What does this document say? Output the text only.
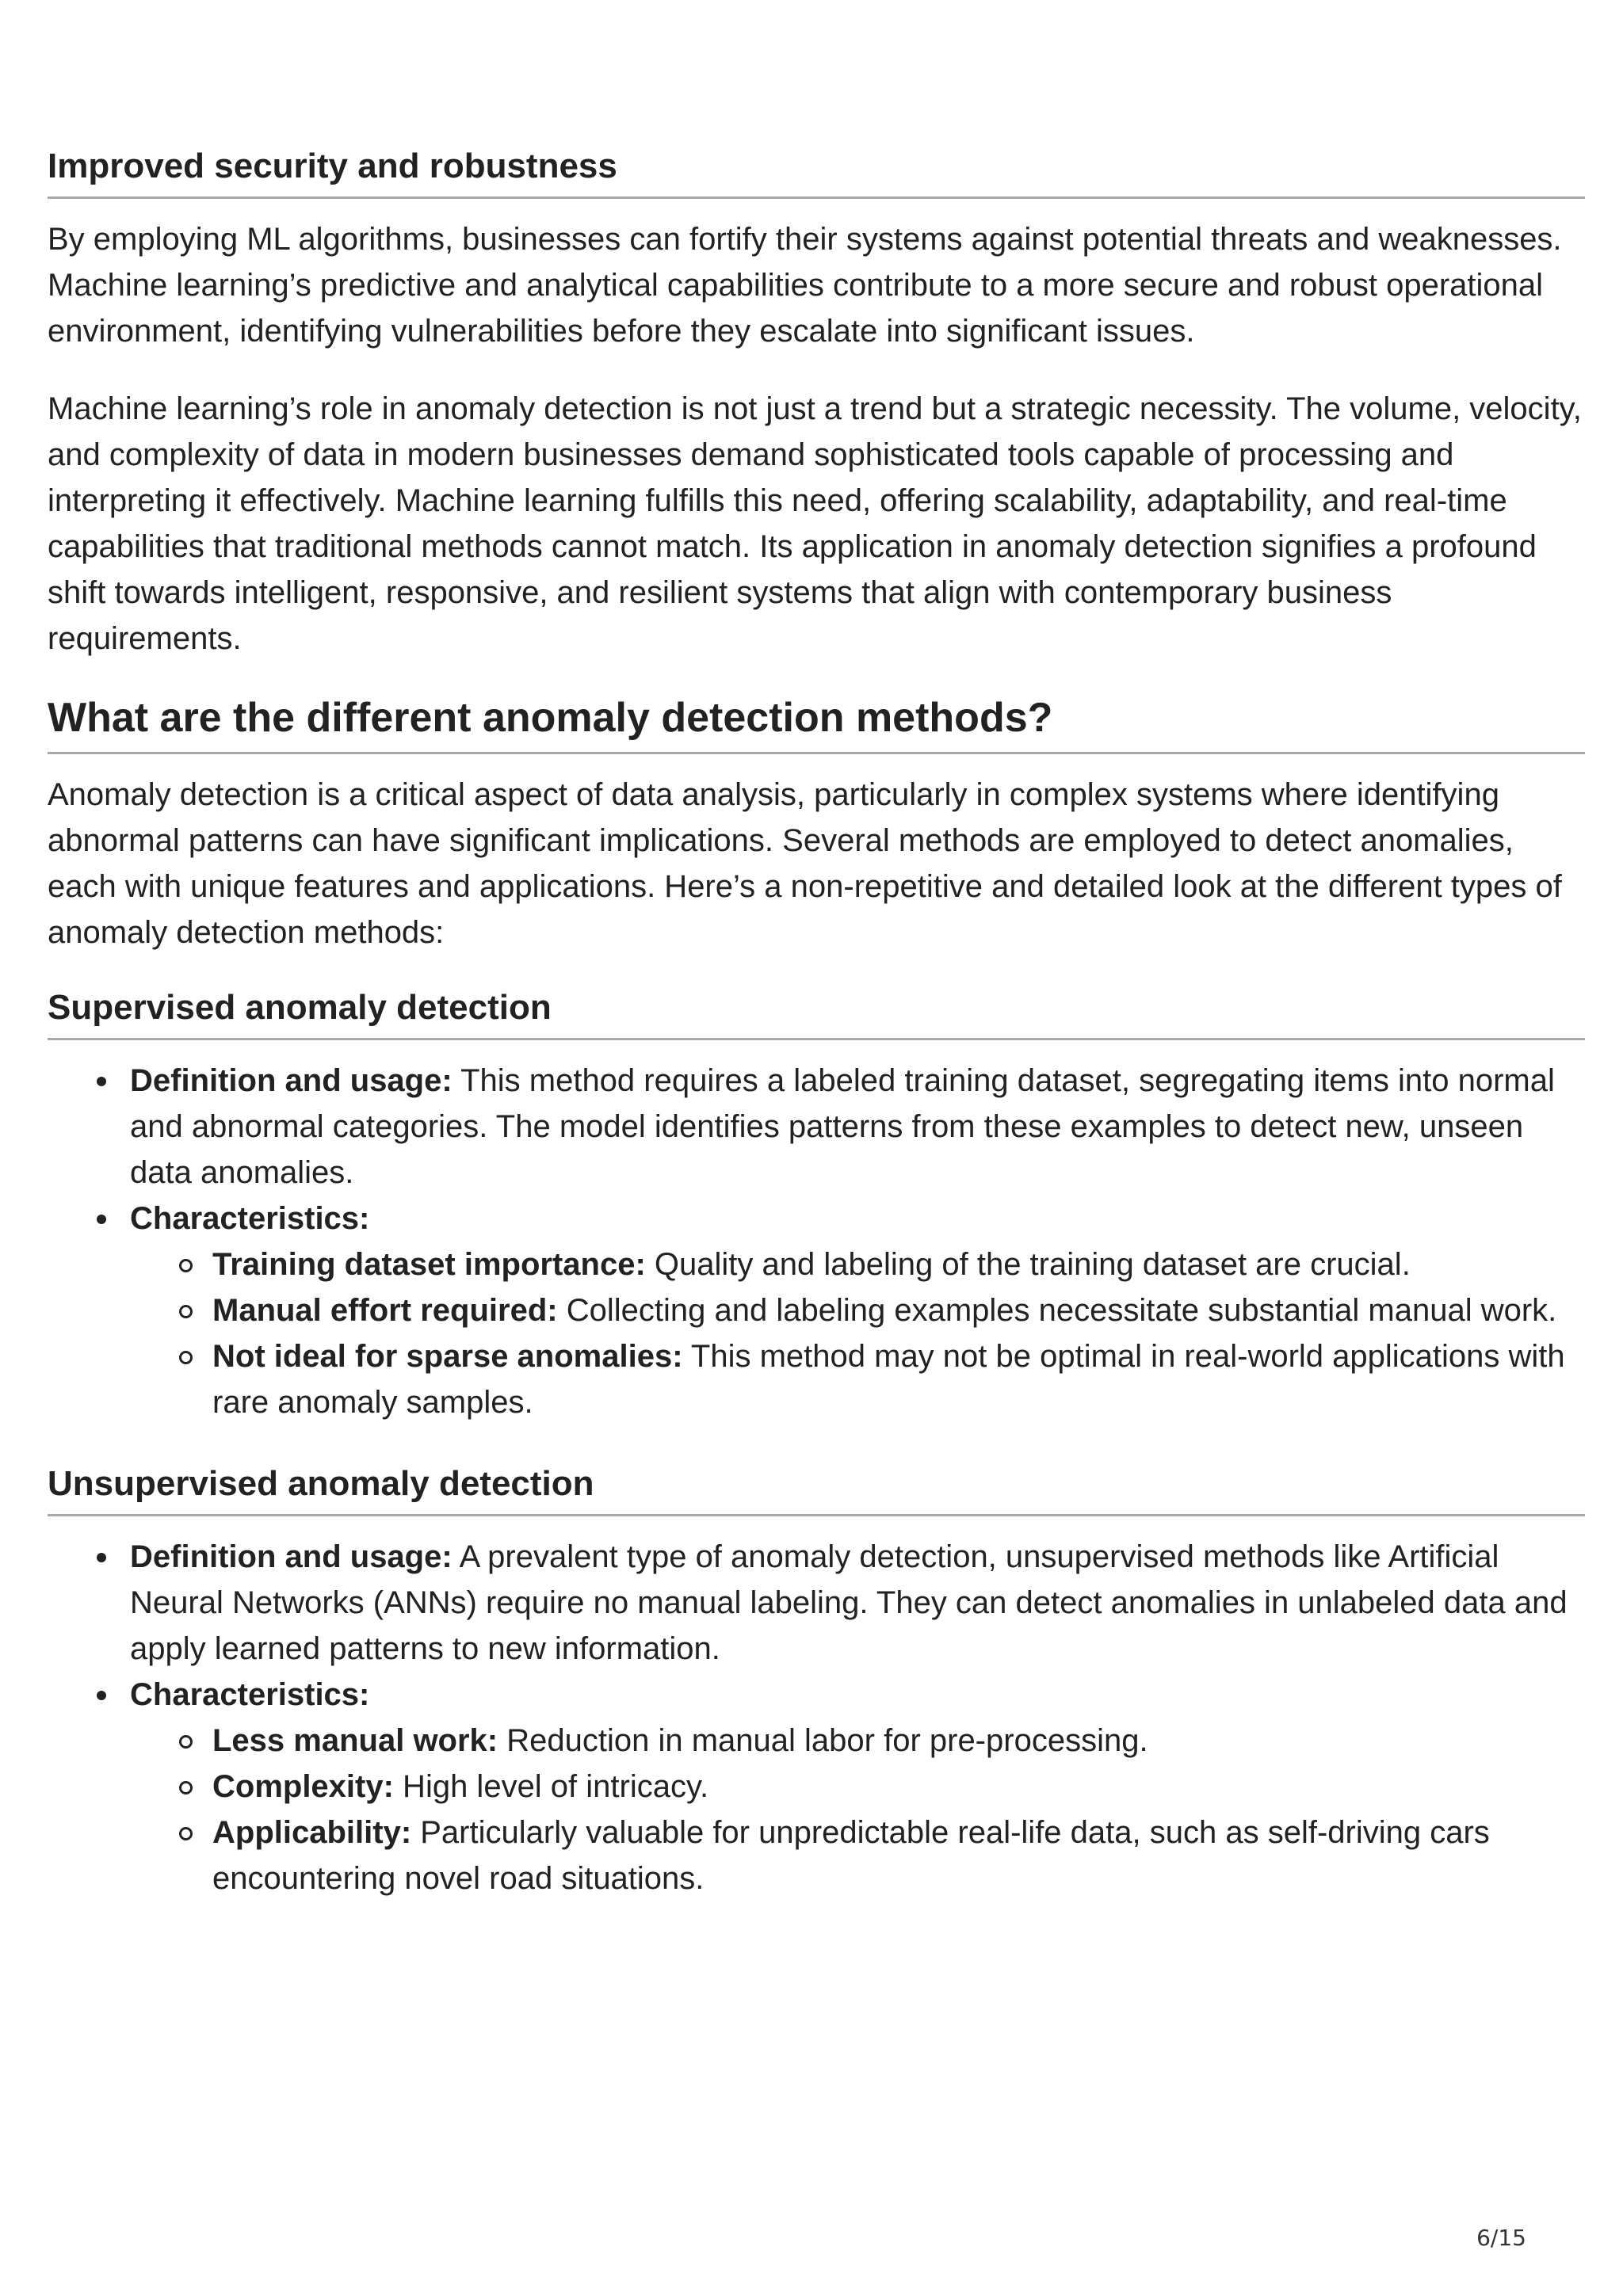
Improved security and robustness

By employing ML algorithms, businesses can fortify their systems against potential threats and weaknesses. Machine learning’s predictive and analytical capabilities contribute to a more secure and robust operational environment, identifying vulnerabilities before they escalate into significant issues.

Machine learning’s role in anomaly detection is not just a trend but a strategic necessity. The volume, velocity, and complexity of data in modern businesses demand sophisticated tools capable of processing and interpreting it effectively. Machine learning fulfills this need, offering scalability, adaptability, and real-time capabilities that traditional methods cannot match. Its application in anomaly detection signifies a profound shift towards intelligent, responsive, and resilient systems that align with contemporary business requirements.

What are the different anomaly detection methods?

Anomaly detection is a critical aspect of data analysis, particularly in complex systems where identifying abnormal patterns can have significant implications. Several methods are employed to detect anomalies, each with unique features and applications. Here’s a non-repetitive and detailed look at the different types of anomaly detection methods:

Supervised anomaly detection
Definition and usage: This method requires a labeled training dataset, segregating items into normal and abnormal categories. The model identifies patterns from these examples to detect new, unseen data anomalies.
Characteristics:
Training dataset importance: Quality and labeling of the training dataset are crucial.
Manual effort required: Collecting and labeling examples necessitate substantial manual work.
Not ideal for sparse anomalies: This method may not be optimal in real-world applications with rare anomaly samples.
Unsupervised anomaly detection
Definition and usage: A prevalent type of anomaly detection, unsupervised methods like Artificial Neural Networks (ANNs) require no manual labeling. They can detect anomalies in unlabeled data and apply learned patterns to new information.
Characteristics:
Less manual work: Reduction in manual labor for pre-processing.
Complexity: High level of intricacy.
Applicability: Particularly valuable for unpredictable real-life data, such as self-driving cars encountering novel road situations.
6/15
